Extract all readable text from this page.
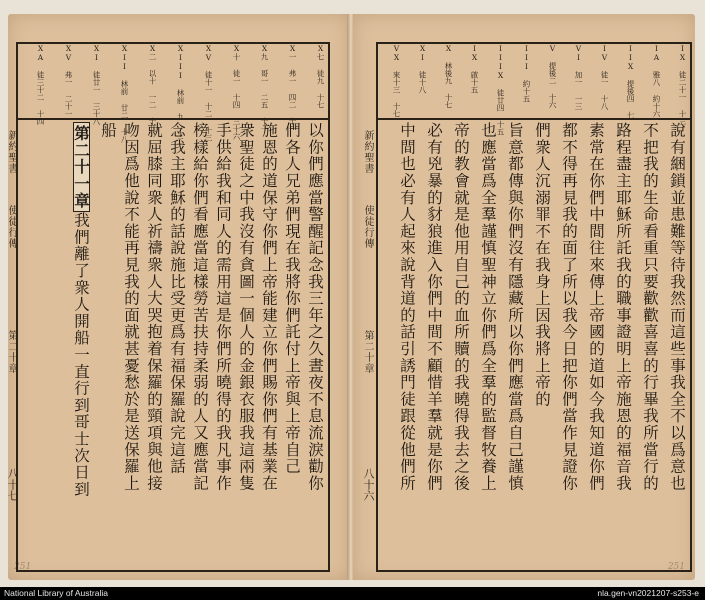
251	251
X七 徒九 十七
X一 弗一 四二 十一
X九 哥一 二五 十一
X十 徒一 十四 三十六
XV 徒十一 十二 十三
XIII 林前 九 十二
X二 以十 一二 十九
XII 林前 廿二 十八
XI 徒廿一 三十八
XV 弗一 二十一
XA 徒三十二 十四
以你們應當警醒記念我三年之久晝夜不息流淚勸你
們各人兄弟們現在我將你們託付上帝與上帝自己
施恩的道保守你們上帝能建立你們賜你們有基業在
衆聖徒之中我沒有貪圖一個人的金銀衣服我這兩隻
手供給我和同人的需用這是你們所曉得的我凡事作
榜樣給你們看應當這樣勞苦扶持柔弱的人又應當記
念我主耶穌的話說施比受更爲有福保羅說完這話
就屈膝同衆人祈禱衆人大哭抱着保羅的頸項與他接
吻因爲他說不能再見我的面就甚憂愁於是送保羅上
船
第二十一章我們離了衆人開船一直行到哥士次日到
新約聖書
使徒行傳
第二十章
八十七
IX 徒二十一 十三
IA 雅八 約十六
IIX 提後四 七
IV 徒一 十八
VI 加一 一三
V 提後二 十六
III 約十五
IIIX 徒廿四 十五
IX 啟十五
X 林後九 十七
XI 徒十八
VX 來十三 十七
說有綑鎖並患難等待我然而這些事我全不以爲意也
不把我的生命看重只要歡歡喜喜的行畢我所當行的
路程盡主耶穌所託我的職事證明上帝施恩的福音我
素常在你們中間往來傳上帝國的道如今我知道你們
都不得再見我的面了所以我今日把你們當作見證你
們衆人沉溺罪不在我身上因我將上帝的
旨意都傳與你們沒有隱藏所以你們應當爲自己謹慎
也應當爲全羣謹慎聖神立你們爲全羣的監督牧養上
帝的教會就是他用自己的血所贖的我曉得我去之後
必有兇暴的豺狼進入你們中間不顧惜羊羣就是你們
中間也必有人起來說背道的話引誘門徒跟從他們所
新約聖書
使徒行傳
第二十章
八十六
National Library of Australia	nla.gen-vn2021207-s253-e
